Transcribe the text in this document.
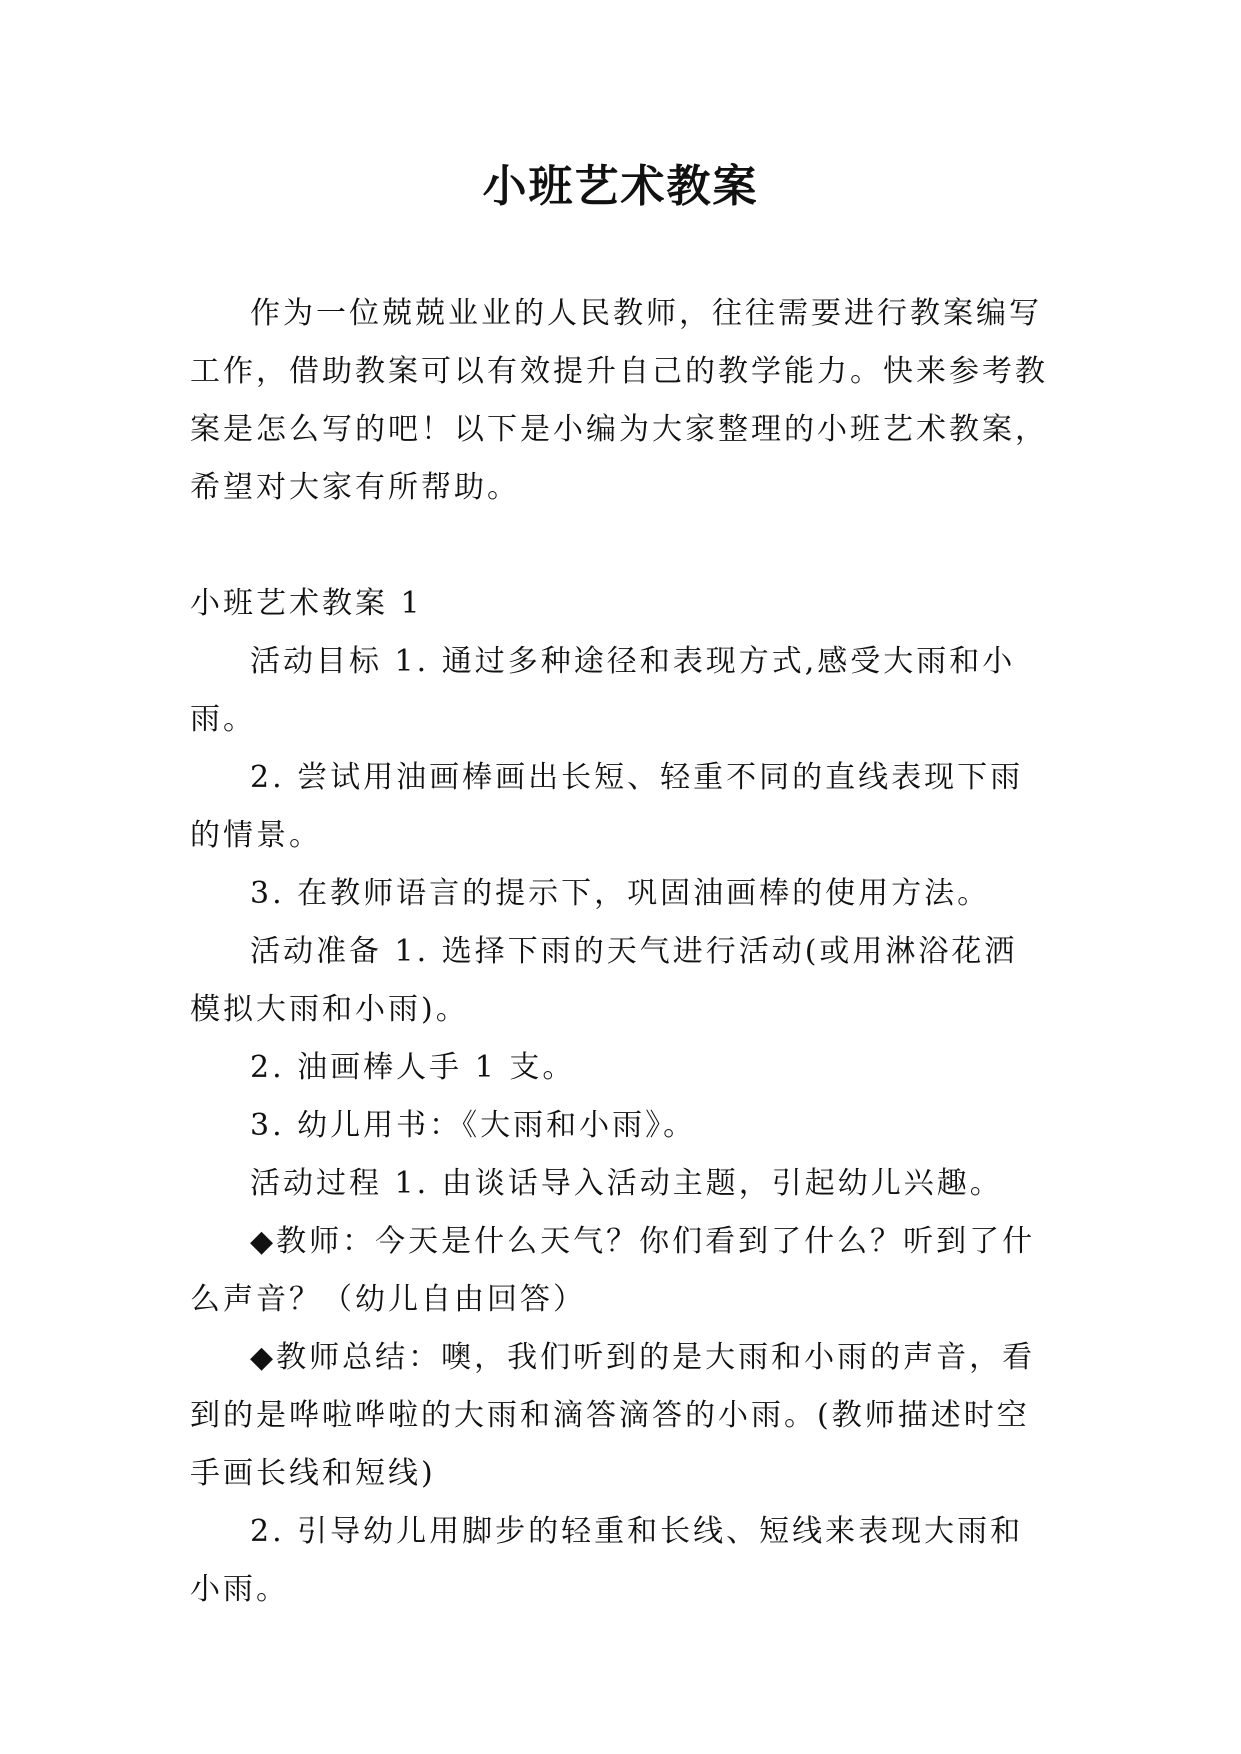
小班艺术教案

作为一位兢兢业业的人民教师，往往需要进行教案编写工作，借助教案可以有效提升自己的教学能力。快来参考教案是怎么写的吧！以下是小编为大家整理的小班艺术教案，希望对大家有所帮助。

小班艺术教案 1

活动目标 1. 通过多种途径和表现方式,感受大雨和小雨。

2. 尝试用油画棒画出长短、轻重不同的直线表现下雨的情景。

3. 在教师语言的提示下，巩固油画棒的使用方法。

活动准备 1. 选择下雨的天气进行活动(或用淋浴花洒模拟大雨和小雨)。

2. 油画棒人手 1 支。

3. 幼儿用书：《大雨和小雨》。

活动过程 1. 由谈话导入活动主题，引起幼儿兴趣。

◆教师：今天是什么天气？你们看到了什么？听到了什么声音？（幼儿自由回答）

◆教师总结：噢，我们听到的是大雨和小雨的声音，看到的是哗啦哗啦的大雨和滴答滴答的小雨。(教师描述时空手画长线和短线)

2. 引导幼儿用脚步的轻重和长线、短线来表现大雨和小雨。
